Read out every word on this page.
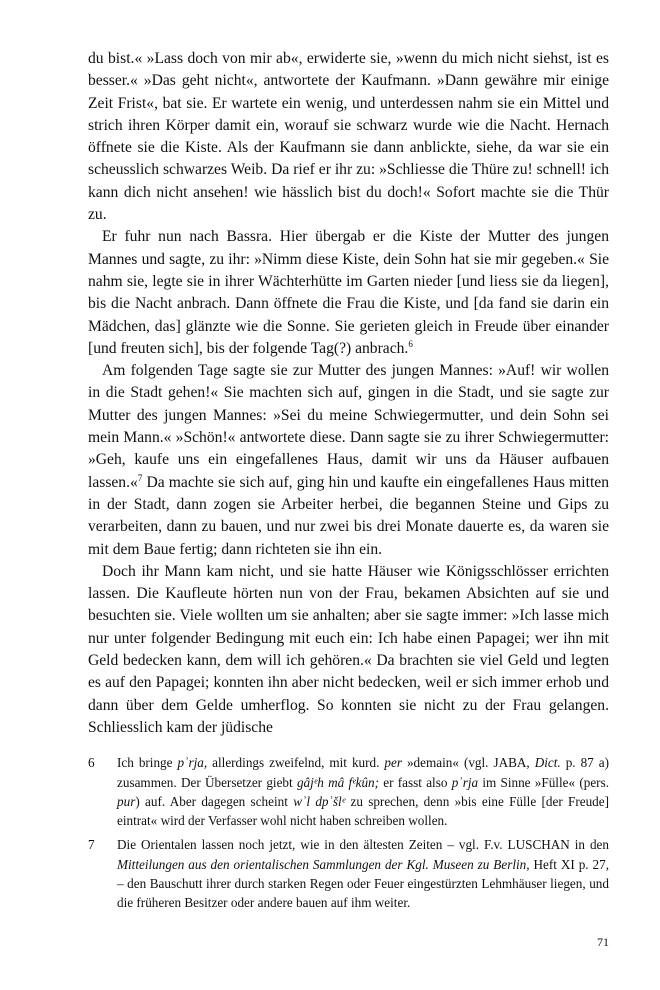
du bist.« »Lass doch von mir ab«, erwiderte sie, »wenn du mich nicht siehst, ist es besser.« »Das geht nicht«, antwortete der Kaufmann. »Dann gewähre mir einige Zeit Frist«, bat sie. Er wartete ein wenig, und unterdessen nahm sie ein Mittel und strich ihren Körper damit ein, worauf sie schwarz wurde wie die Nacht. Hernach öffnete sie die Kiste. Als der Kaufmann sie dann anblickte, siehe, da war sie ein scheusslich schwarzes Weib. Da rief er ihr zu: »Schliesse die Thüre zu! schnell! ich kann dich nicht ansehen! wie hässlich bist du doch!« Sofort machte sie die Thür zu.

Er fuhr nun nach Bassra. Hier übergab er die Kiste der Mutter des jungen Mannes und sagte, zu ihr: »Nimm diese Kiste, dein Sohn hat sie mir gegeben.« Sie nahm sie, legte sie in ihrer Wächterhütte im Garten nieder [und liess sie da liegen], bis die Nacht anbrach. Dann öffnete die Frau die Kiste, und [da fand sie darin ein Mädchen, das] glänzte wie die Sonne. Sie gerieten gleich in Freude über einander [und freuten sich], bis der folgende Tag(?) anbrach.$^6$

Am folgenden Tage sagte sie zur Mutter des jungen Mannes: »Auf! wir wollen in die Stadt gehen!« Sie machten sich auf, gingen in die Stadt, und sie sagte zur Mutter des jungen Mannes: »Sei du meine Schwiegermutter, und dein Sohn sei mein Mann.« »Schön!« antwortete diese. Dann sagte sie zu ihrer Schwiegermutter: »Geh, kaufe uns ein eingefallenes Haus, damit wir uns da Häuser aufbauen lassen.«$^7$ Da machte sie sich auf, ging hin und kaufte ein eingefallenes Haus mitten in der Stadt, dann zogen sie Arbeiter herbei, die begannen Steine und Gips zu verarbeiten, dann zu bauen, und nur zwei bis drei Monate dauerte es, da waren sie mit dem Baue fertig; dann richteten sie ihn ein.

Doch ihr Mann kam nicht, und sie hatte Häuser wie Königsschlösser errichten lassen. Die Kaufleute hörten nun von der Frau, bekamen Absichten auf sie und besuchten sie. Viele wollten um sie anhalten; aber sie sagte immer: »Ich lasse mich nur unter folgender Bedingung mit euch ein: Ich habe einen Papagei; wer ihn mit Geld bedecken kann, dem will ich gehören.« Da brachten sie viel Geld und legten es auf den Papagei; konnten ihn aber nicht bedecken, weil er sich immer erhob und dann über dem Gelde umherflog. So konnten sie nicht zu der Frau gelangen. Schliesslich kam der jüdische

6	Ich bringe pʾrja, allerdings zweifelnd, mit kurd. per »demain« (vgl. JABA, Dict. p. 87 a) zusammen. Der Übersetzer giebt gâjᵉh mâ fᵉkûn; er fasst also pʾrja im Sinne »Fülle« (pers. pur) auf. Aber dagegen scheint wʾl dpʾšlᵉ zu sprechen, denn »bis eine Fülle [der Freude] eintrat« wird der Verfasser wohl nicht haben schreiben wollen.
7	Die Orientalen lassen noch jetzt, wie in den ältesten Zeiten – vgl. F.v. LUSCHAN in den Mitteilungen aus den orientalischen Sammlungen der Kgl. Museen zu Berlin, Heft XI p. 27, – den Bauschutt ihrer durch starken Regen oder Feuer eingestürzten Lehmhäuser liegen, und die früheren Besitzer oder andere bauen auf ihm weiter.
71
